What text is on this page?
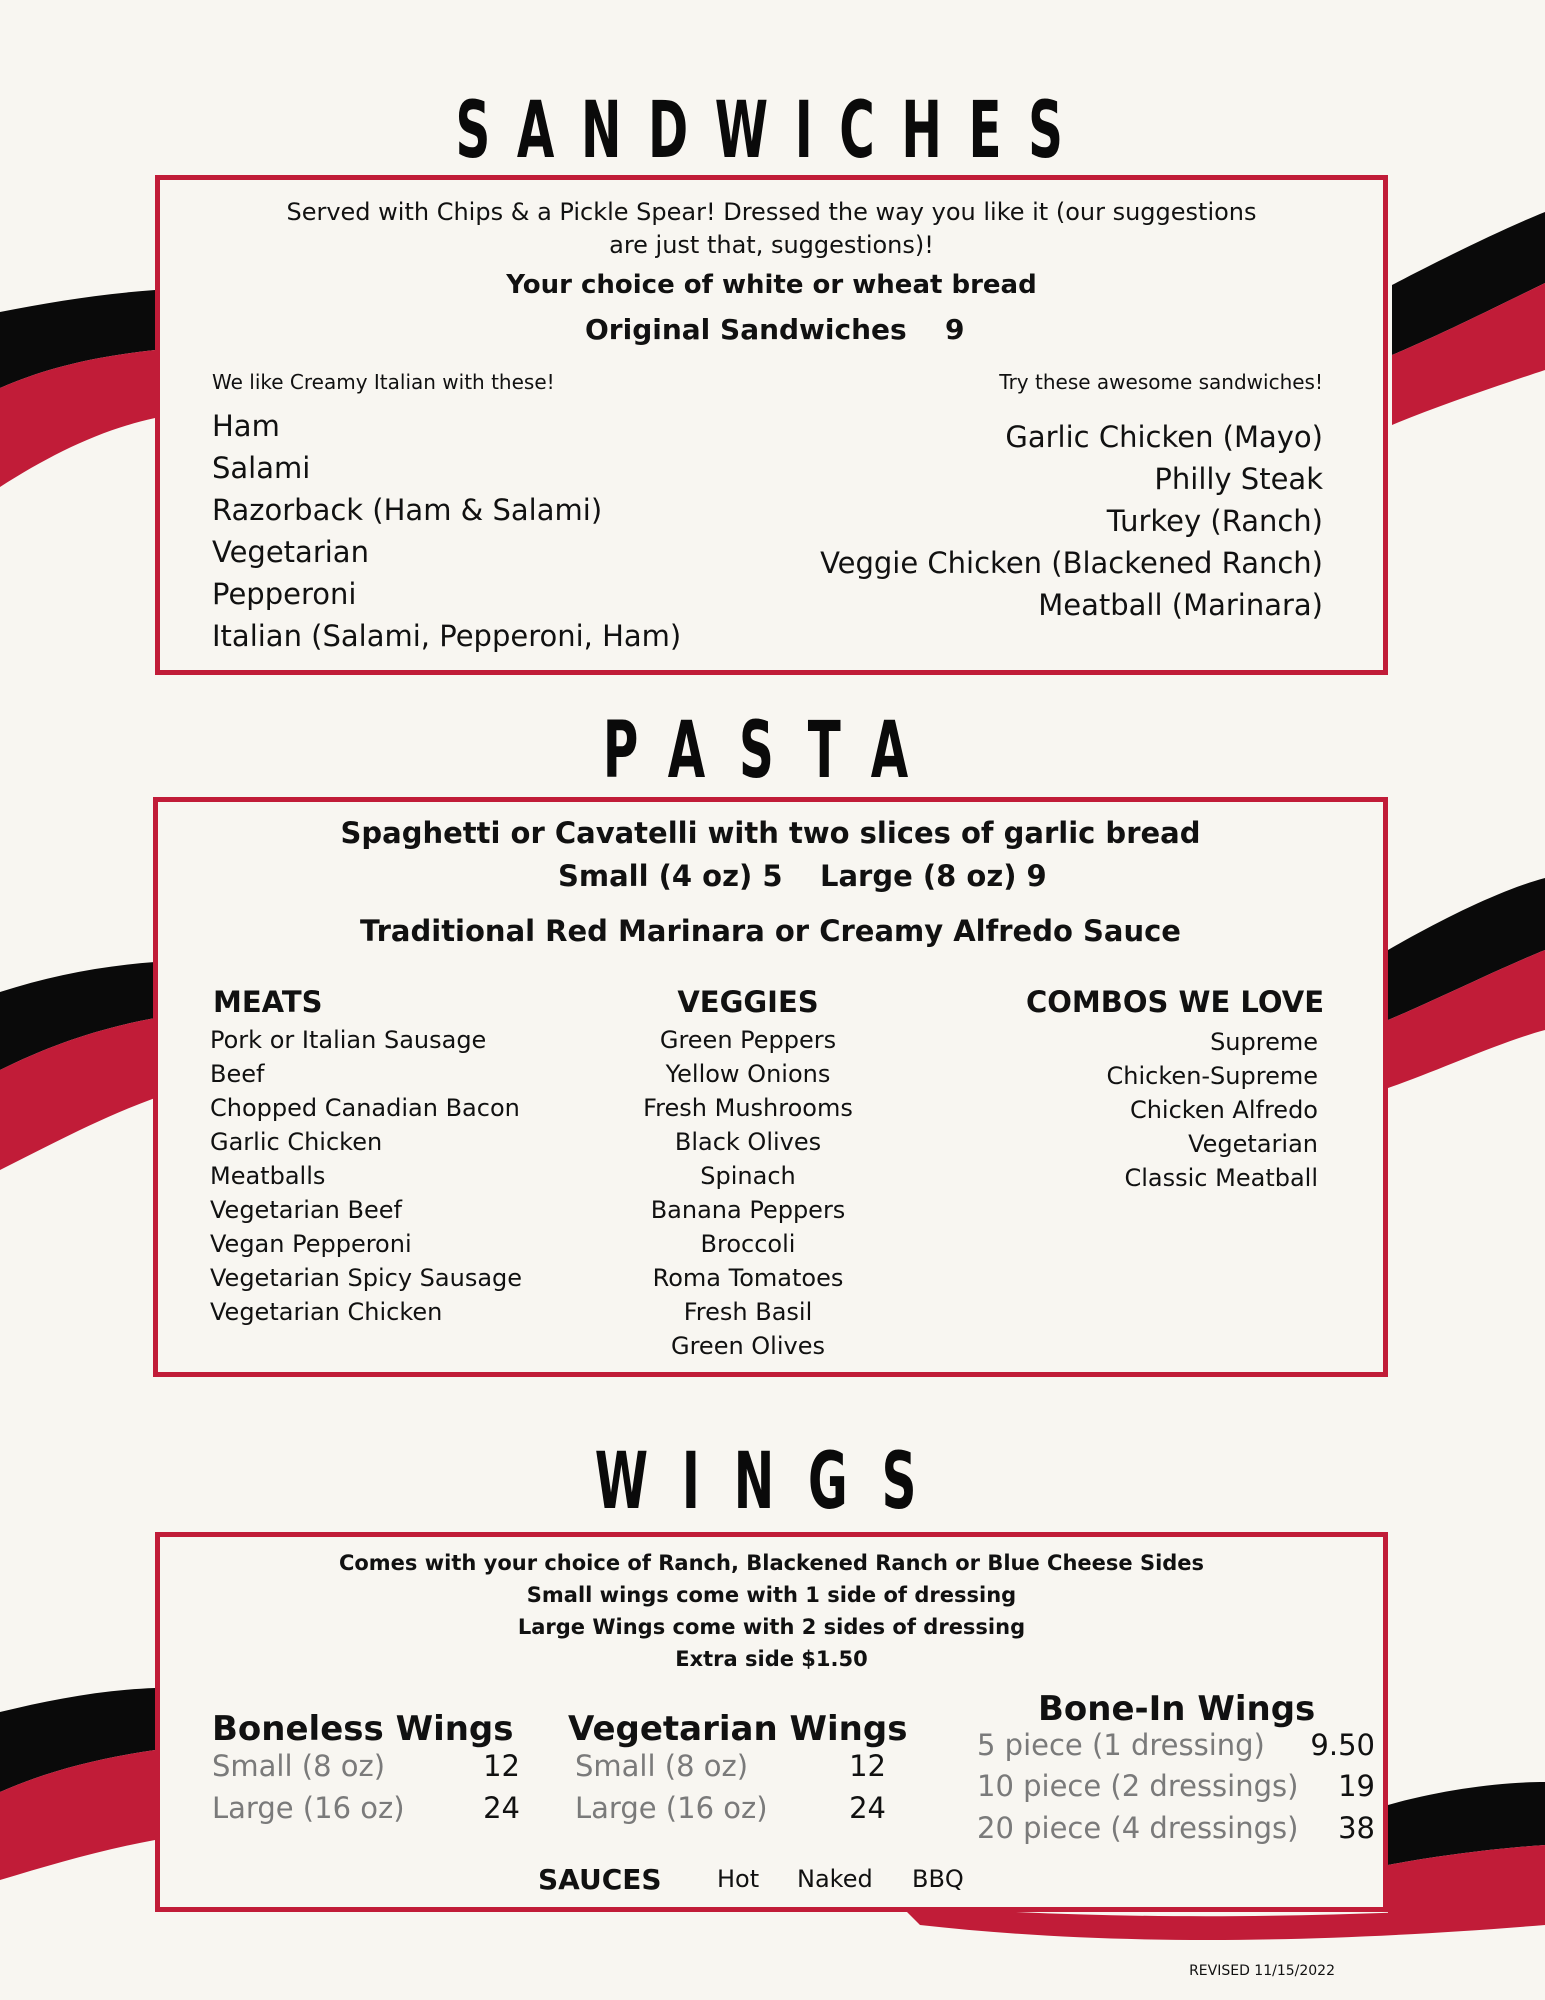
SANDWICHES
Served with Chips & a Pickle Spear! Dressed the way you like it (our suggestions
are just that, suggestions)!
Your choice of white or wheat bread
Original Sandwiches 9
We like Creamy Italian with these!	Try these awesome sandwiches!
Ham
Salami
Razorback (Ham & Salami)
Vegetarian
Pepperoni
Italian (Salami, Pepperoni, Ham)
Garlic Chicken (Mayo)
Philly Steak
Turkey (Ranch)
Veggie Chicken (Blackened Ranch)
Meatball (Marinara)
PASTA
Spaghetti or Cavatelli with two slices of garlic bread
Small (4 oz) 5 Large (8 oz) 9
Traditional Red Marinara or Creamy Alfredo Sauce
MEATS
Pork or Italian Sausage
Beef
Chopped Canadian Bacon
Garlic Chicken
Meatballs
Vegetarian Beef
Vegan Pepperoni
Vegetarian Spicy Sausage
Vegetarian Chicken
VEGGIES
Green Peppers
Yellow Onions
Fresh Mushrooms
Black Olives
Spinach
Banana Peppers
Broccoli
Roma Tomatoes
Fresh Basil
Green Olives
COMBOS WE LOVE
Supreme
Chicken-Supreme
Chicken Alfredo
Vegetarian
Classic Meatball
WINGS
Comes with your choice of Ranch, Blackened Ranch or Blue Cheese Sides
Small wings come with 1 side of dressing
Large Wings come with 2 sides of dressing
Extra side $1.50
Boneless Wings
Small (8 oz)	12
Large (16 oz)	24
Vegetarian Wings
Small (8 oz)	12
Large (16 oz)	24
Bone-In Wings
5 piece (1 dressing)	9.50
10 piece (2 dressings)	19
20 piece (4 dressings)	38
SAUCES Hot Naked BBQ
REVISED 11/15/2022
